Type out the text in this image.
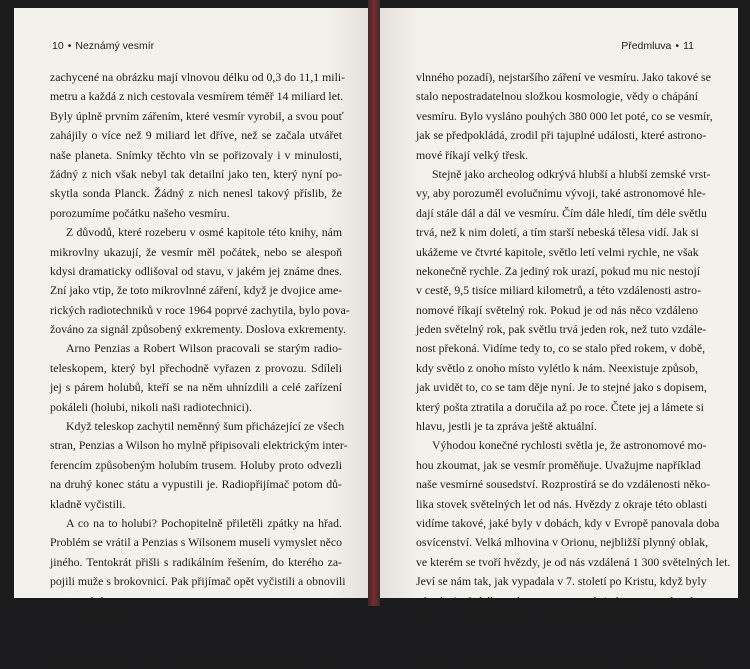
10 • Neznámý vesmír	Předmluva • 11
zachycené na obrázku mají vlnovou délku od 0,3 do 11,1 mili-
metru a každá z nich cestovala vesmírem téměř 14 miliard let.
Byly úplně prvním zářením, které vesmír vyrobil, a svou pouť
zahájily o více než 9 miliard let dříve, než se začala utvářet
naše planeta. Snímky těchto vln se pořizovaly i v minulosti,
žádný z nich však nebyl tak detailní jako ten, který nyní po-
skytla sonda Planck. Žádný z nich nenesl takový příslib, že
porozumíme počátku našeho vesmíru.
Z důvodů, které rozeberu v osmé kapitole této knihy, nám
mikrovlny ukazují, že vesmír měl počátek, nebo se alespoň
kdysi dramaticky odlišoval od stavu, v jakém jej známe dnes.
Zní jako vtip, že toto mikrovlnné záření, když je dvojice ame-
rických radiotechniků v roce 1964 poprvé zachytila, bylo pova-
žováno za signál způsobený exkrementy. Doslova exkrementy.
Arno Penzias a Robert Wilson pracovali se starým radio-
teleskopem, který byl přechodně vyřazen z provozu. Sdíleli
jej s párem holubů, kteří se na něm uhnízdili a celé zařízení
pokáleli (holubi, nikoli naši radiotechnici).
Když teleskop zachytil neměnný šum přicházející ze všech
stran, Penzias a Wilson ho mylně připisovali elektrickým inter-
ferencím způsobeným holubím trusem. Holuby proto odvezli
na druhý konec státu a vypustili je. Radiopřijímač potom dů-
kladně vyčistili.
A co na to holubi? Pochopitelně přiletěli zpátky na hřad.
Problém se vrátil a Penzias s Wilsonem museli vymyslet něco
jiného. Tentokrát přišli s radikálním řešením, do kterého za-
pojili muže s brokovnicí. Pak přijímač opět vyčistili a obnovili
pozorování.
Šum nezmizel.
Nakonec z toho bylo mnohem více než holubí trus, totiž
Nobelova cena za objev reliktního záření (kosmického mikro-
vlnného pozadí), nejstaršího záření ve vesmíru. Jako takové se
stalo nepostradatelnou složkou kosmologie, vědy o chápání
vesmíru. Bylo vysláno pouhých 380 000 let poté, co se vesmír,
jak se předpokládá, zrodil při tajuplné události, které astrono-
mové říkají velký třesk.
Stejně jako archeolog odkrývá hlubší a hlubší zemské vrst-
vy, aby porozuměl evolučnímu vývoji, také astronomové hle-
dají stále dál a dál ve vesmíru. Čím dále hledí, tím déle světlu
trvá, než k nim doletí, a tím starší nebeská tělesa vidí. Jak si
ukážeme ve čtvrté kapitole, světlo letí velmi rychle, ne však
nekonečně rychle. Za jediný rok urazí, pokud mu nic nestojí
v cestě, 9,5 tisíce miliard kilometrů, a této vzdálenosti astro-
nomové říkají světelný rok. Pokud je od nás něco vzdáleno
jeden světelný rok, pak světlu trvá jeden rok, než tuto vzdále-
nost překoná. Vidíme tedy to, co se stalo před rokem, v době,
kdy světlo z onoho místo vylétlo k nám. Neexistuje způsob,
jak uvidět to, co se tam děje nyní. Je to stejné jako s dopisem,
který pošta ztratila a doručila až po roce. Čtete jej a lámete si
hlavu, jestli je ta zpráva ještě aktuální.
Výhodou konečné rychlosti světla je, že astronomové mo-
hou zkoumat, jak se vesmír proměňuje. Uvažujme například
naše vesmírné sousedství. Rozprostírá se do vzdálenosti něko-
lika stovek světelných let od nás. Hvězdy z okraje této oblasti
vidíme takové, jaké byly v dobách, kdy v Evropě panovala doba
osvícenství. Velká mlhovina v Orionu, nejbližší plynný oblak,
ve kterém se tvoří hvězdy, je od nás vzdálená 1 300 světelných let.
Jeví se nám tak, jak vypadala v 7. století po Kristu, když byly
národy Arabského poloostrova poprvé sjednoceny pod vede-
ním proroka Mohameda a začalo šíření islámu.
Ve vzdálenosti 158 tisíc světelných let leží nevelká blízká
galaxie Velký Magellanův oblak. Vidíme ji tak, jak vypadala
